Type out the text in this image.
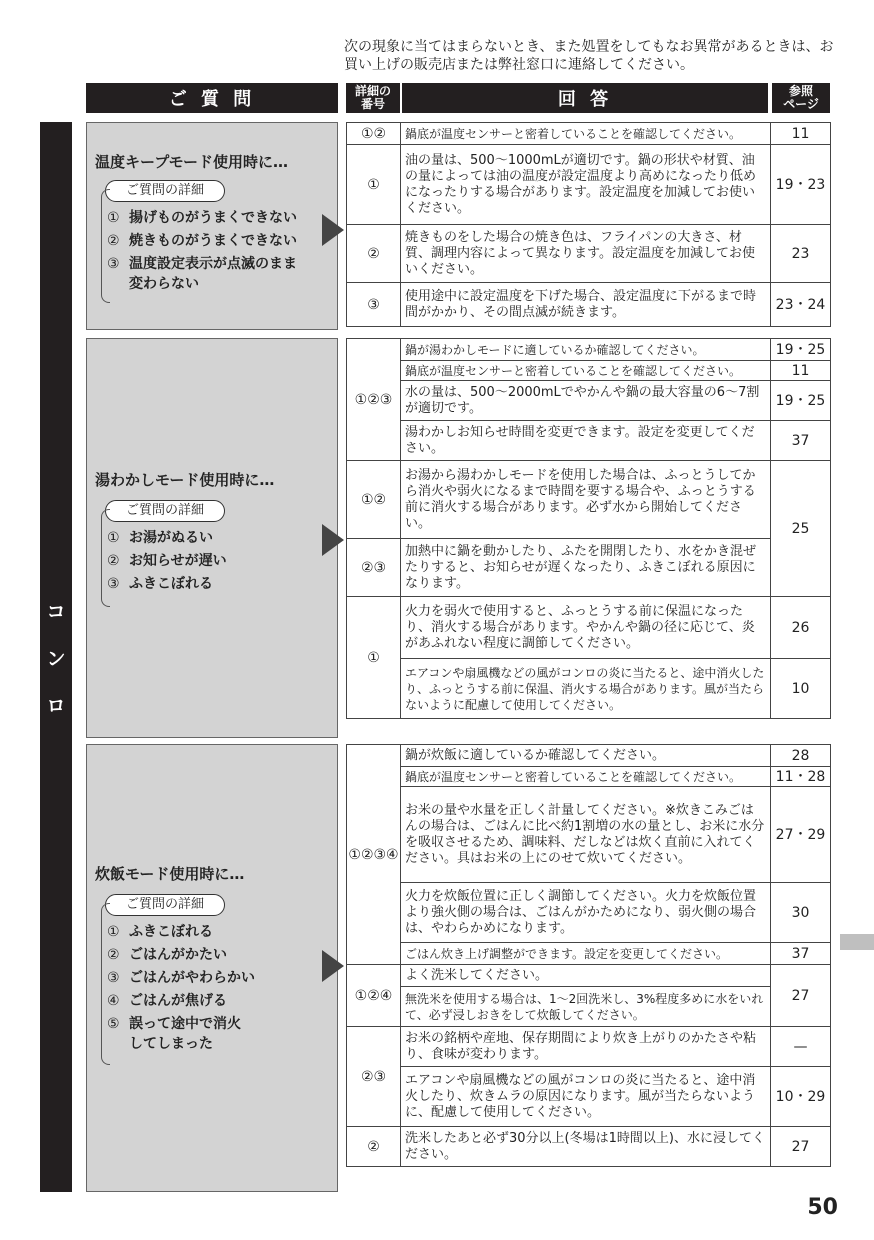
次の現象に当てはまらないとき、また処置をしてもなお異常があるときは、お買い上げの販売店または弊社窓口に連絡してください。
ご 質 問	詳細の
番号	回 答	参照
ページ
コ
ン
ロ
温度キープモード使用時に…
ご質問の詳細
① 揚げものがうまくできない
② 焼きものがうまくできない
③ 温度設定表示が点滅のまま変わらない
①②	鍋底が温度センサーと密着していることを確認してください。	11
①	油の量は、500〜1000mLが適切です。鍋の形状や材質、油の量によっては油の温度が設定温度より高めになったり低めになったりする場合があります。設定温度を加減してお使いください。	19・23
②	焼きものをした場合の焼き色は、フライパンの大きさ、材質、調理内容によって異なります。設定温度を加減してお使いください。	23
③	使用途中に設定温度を下げた場合、設定温度に下がるまで時間がかかり、その間点滅が続きます。	23・24
湯わかしモード使用時に…
ご質問の詳細
① お湯がぬるい
② お知らせが遅い
③ ふきこぼれる
①②③	鍋が湯わかしモードに適しているか確認してください。	19・25
	鍋底が温度センサーと密着していることを確認してください。	11
	水の量は、500〜2000mLでやかんや鍋の最大容量の6〜7割が適切です。	19・25
	湯わかしお知らせ時間を変更できます。設定を変更してください。	37
①②	お湯から湯わかしモードを使用した場合は、ふっとうしてから消火や弱火になるまで時間を要する場合や、ふっとうする前に消火する場合があります。必ず水から開始してください。	25
②③	加熱中に鍋を動かしたり、ふたを開閉したり、水をかき混ぜたりすると、お知らせが遅くなったり、ふきこぼれる原因になります。	
①	火力を弱火で使用すると、ふっとうする前に保温になったり、消火する場合があります。やかんや鍋の径に応じて、炎があふれない程度に調節してください。	26
	エアコンや扇風機などの風がコンロの炎に当たると、途中消火したり、ふっとうする前に保温、消火する場合があります。風が当たらないように配慮して使用してください。	10
炊飯モード使用時に…
ご質問の詳細
① ふきこぼれる
② ごはんがかたい
③ ごはんがやわらかい
④ ごはんが焦げる
⑤ 誤って途中で消火してしまった
①②③④	鍋が炊飯に適しているか確認してください。	28
	鍋底が温度センサーと密着していることを確認してください。	11・28
	お米の量や水量を正しく計量してください。※炊きこみごはんの場合は、ごはんに比べ約1割増の水の量とし、お米に水分を吸収させるため、調味料、だしなどは炊く直前に入れてください。具はお米の上にのせて炊いてください。	27・29
	火力を炊飯位置に正しく調節してください。火力を炊飯位置より強火側の場合は、ごはんがかためになり、弱火側の場合は、やわらかめになります。	30
	ごはん炊き上げ調整ができます。設定を変更してください。	37
①②④	よく洗米してください。	27
	無洗米を使用する場合は、1〜2回洗米し、3%程度多めに水をいれて、必ず浸しおきをして炊飯してください。	
②③	お米の銘柄や産地、保存期間により炊き上がりのかたさや粘り、食味が変わります。	—
	エアコンや扇風機などの風がコンロの炎に当たると、途中消火したり、炊きムラの原因になります。風が当たらないように、配慮して使用してください。	10・29
②	洗米したあと必ず30分以上(冬場は1時間以上)、水に浸してください。	27
50
